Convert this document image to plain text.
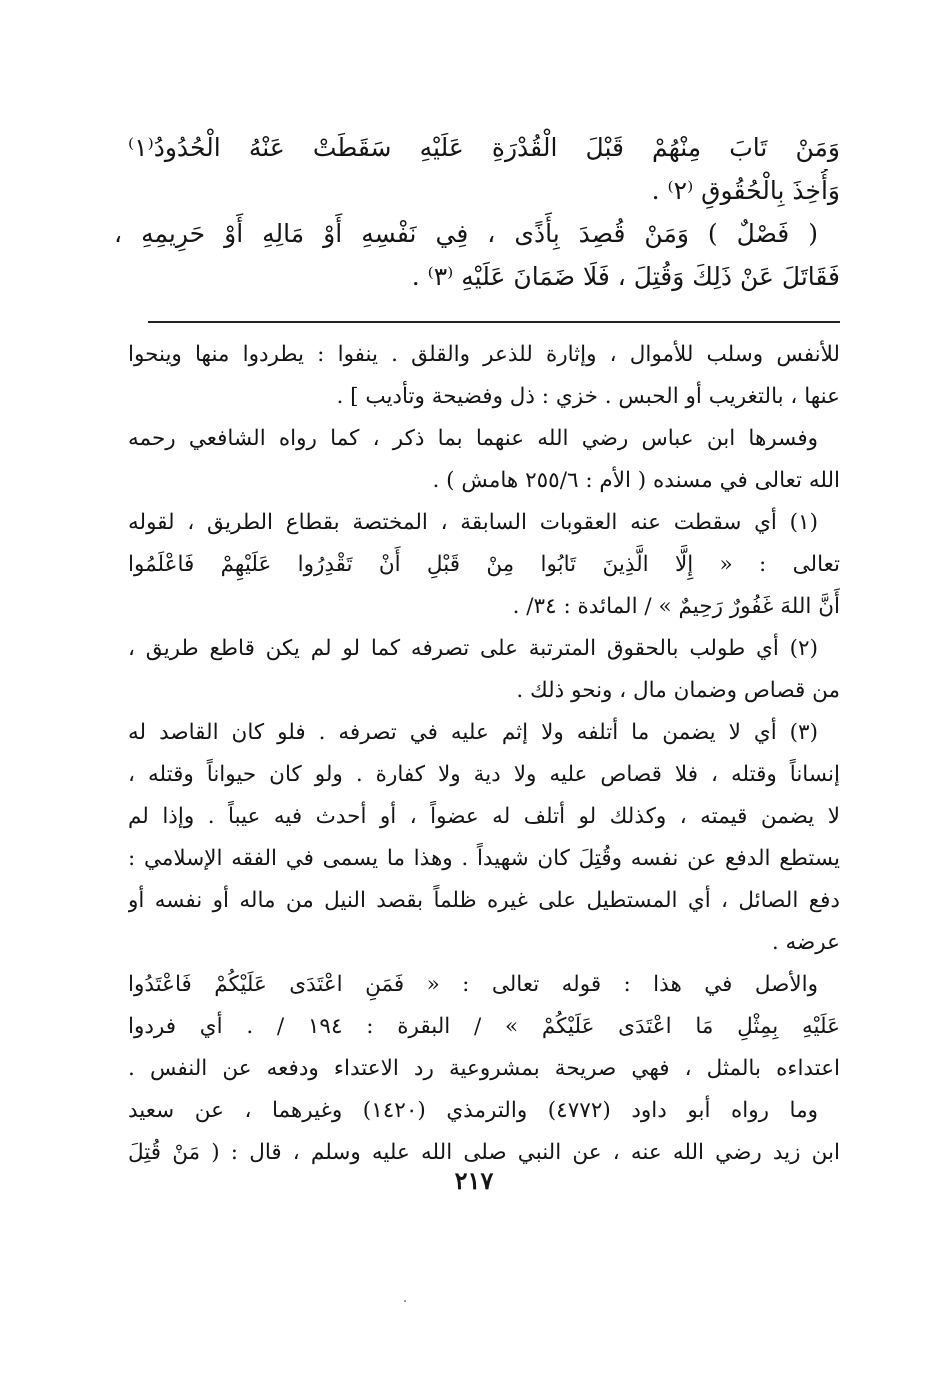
وَمَنْ تَابَ مِنْهُمْ قَبْلَ الْقُدْرَةِ عَلَيْهِ سَقَطَتْ عَنْهُ الْحُدُودُ⁽١⁾
وَأُخِذَ بِالْحُقُوقِ ⁽٢⁾ .
( فَصْلٌ ) وَمَنْ قُصِدَ بِأَذًى ، فِي نَفْسِهِ أَوْ مَالِهِ أَوْ حَرِيمِهِ ،
فَقَاتَلَ عَنْ ذَلِكَ وَقُتِلَ ، فَلَا ضَمَانَ عَلَيْهِ ⁽٣⁾ .
للأنفس وسلب للأموال ، وإثارة للذعر والقلق . ينفوا : يطردوا منها وينحوا
عنها ، بالتغريب أو الحبس . خزي : ذل وفضيحة وتأديب ] .
وفسرها ابن عباس رضي الله عنهما بما ذكر ، كما رواه الشافعي رحمه
الله تعالى في مسنده ( الأم : ٢٥٥/٦ هامش ) .
(١) أي سقطت عنه العقوبات السابقة ، المختصة بقطاع الطريق ، لقوله
تعالى : « إِلَّا الَّذِينَ تَابُوا مِنْ قَبْلِ أَنْ تَقْدِرُوا عَلَيْهِمْ فَاعْلَمُوا
أَنَّ اللهَ غَفُورٌ رَحِيمٌ » / المائدة : ٣٤/ .
(٢) أي طولب بالحقوق المترتبة على تصرفه كما لو لم يكن قاطع طريق ،
من قصاص وضمان مال ، ونحو ذلك .
(٣) أي لا يضمن ما أتلفه ولا إثم عليه في تصرفه . فلو كان القاصد له
إنساناً وقتله ، فلا قصاص عليه ولا دية ولا كفارة . ولو كان حيواناً وقتله ،
لا يضمن قيمته ، وكذلك لو أتلف له عضواً ، أو أحدث فيه عيباً . وإذا لم
يستطع الدفع عن نفسه وقُتِلَ كان شهيداً . وهذا ما يسمى في الفقه الإسلامي :
دفع الصائل ، أي المستطيل على غيره ظلماً بقصد النيل من ماله أو نفسه أو
عرضه .
والأصل في هذا : قوله تعالى : « فَمَنِ اعْتَدَى عَلَيْكُمْ فَاعْتَدُوا
عَلَيْهِ بِمِثْلِ مَا اعْتَدَى عَلَيْكُمْ » / البقرة : ١٩٤ / . أي فردوا
اعتداءه بالمثل ، فهي صريحة بمشروعية رد الاعتداء ودفعه عن النفس .
وما رواه أبو داود (٤٧٧٢) والترمذي (١٤٢٠) وغيرهما ، عن سعيد
ابن زيد رضي الله عنه ، عن النبي صلى الله عليه وسلم ، قال : ( مَنْ قُتِلَ
٢١٧
